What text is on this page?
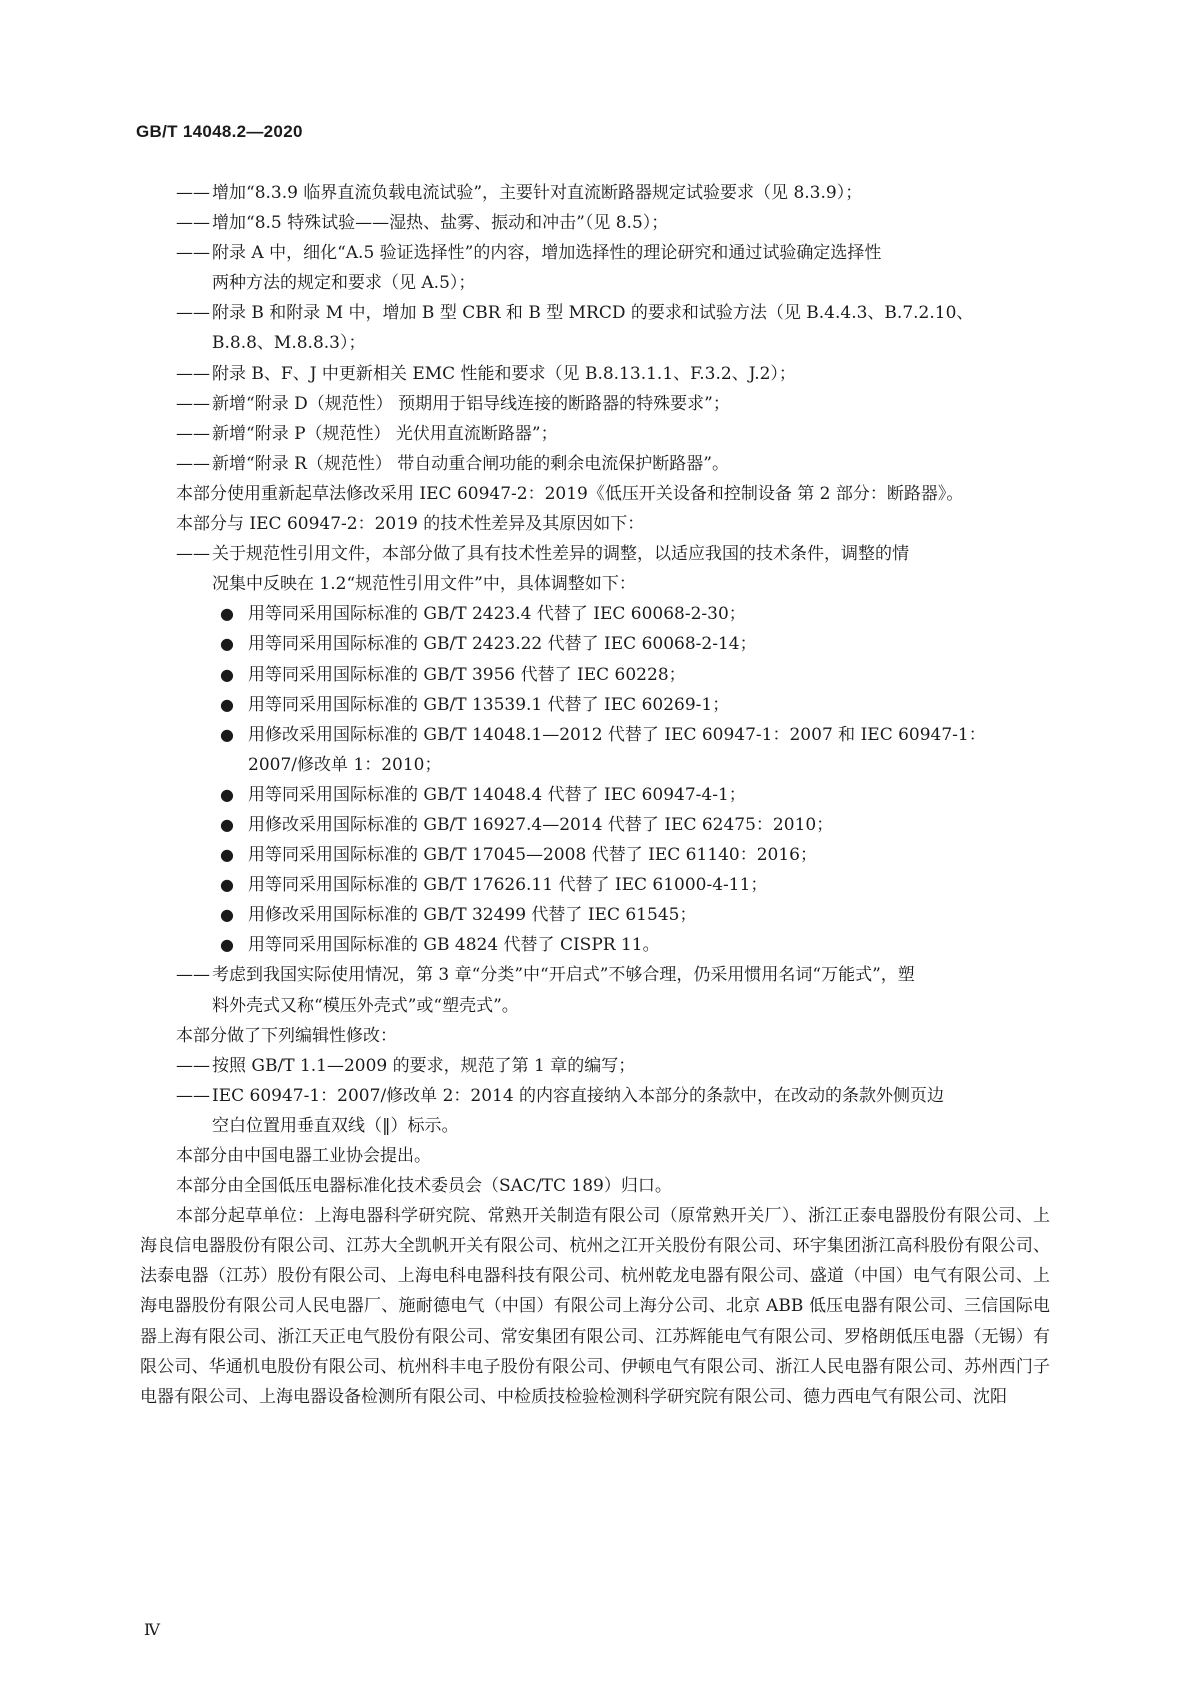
GB/T 14048.2—2020
—— 增加“8.3.9 临界直流负载电流试验”，主要针对直流断路器规定试验要求（见 8.3.9）；
—— 增加“8.5 特殊试验——湿热、盐雾、振动和冲击”（见 8.5）；
—— 附录 A 中，细化“A.5 验证选择性”的内容，增加选择性的理论研究和通过试验确定选择性
两种方法的规定和要求（见 A.5）；
—— 附录 B 和附录 M 中，增加 B 型 CBR 和 B 型 MRCD 的要求和试验方法（见 B.4.4.3、B.7.2.10、
B.8.8、M.8.8.3）；
—— 附录 B、F、J 中更新相关 EMC 性能和要求（见 B.8.13.1.1、F.3.2、J.2）；
—— 新增“附录 D（规范性） 预期用于铝导线连接的断路器的特殊要求”；
—— 新增“附录 P（规范性） 光伏用直流断路器”；
—— 新增“附录 R（规范性） 带自动重合闸功能的剩余电流保护断路器”。
本部分使用重新起草法修改采用 IEC 60947-2：2019《低压开关设备和控制设备 第 2 部分：断路器》。
本部分与 IEC 60947-2：2019 的技术性差异及其原因如下：
—— 关于规范性引用文件，本部分做了具有技术性差异的调整，以适应我国的技术条件，调整的情
况集中反映在 1.2“规范性引用文件”中，具体调整如下：
● 用等同采用国际标准的 GB/T 2423.4 代替了 IEC 60068-2-30；
● 用等同采用国际标准的 GB/T 2423.22 代替了 IEC 60068-2-14；
● 用等同采用国际标准的 GB/T 3956 代替了 IEC 60228；
● 用等同采用国际标准的 GB/T 13539.1 代替了 IEC 60269-1；
● 用修改采用国际标准的 GB/T 14048.1—2012 代替了 IEC 60947-1：2007 和 IEC 60947-1：
2007/修改单 1：2010；
● 用等同采用国际标准的 GB/T 14048.4 代替了 IEC 60947-4-1；
● 用修改采用国际标准的 GB/T 16927.4—2014 代替了 IEC 62475：2010；
● 用等同采用国际标准的 GB/T 17045—2008 代替了 IEC 61140：2016；
● 用等同采用国际标准的 GB/T 17626.11 代替了 IEC 61000-4-11；
● 用修改采用国际标准的 GB/T 32499 代替了 IEC 61545；
● 用等同采用国际标准的 GB 4824 代替了 CISPR 11。
—— 考虑到我国实际使用情况，第 3 章“分类”中“开启式”不够合理，仍采用惯用名词“万能式”，塑
料外壳式又称“模压外壳式”或“塑壳式”。
本部分做了下列编辑性修改：
—— 按照 GB/T 1.1—2009 的要求，规范了第 1 章的编写；
—— IEC 60947-1：2007/修改单 2：2014 的内容直接纳入本部分的条款中，在改动的条款外侧页边
空白位置用垂直双线（‖）标示。
本部分由中国电器工业协会提出。
本部分由全国低压电器标准化技术委员会（SAC/TC 189）归口。
本部分起草单位：上海电器科学研究院、常熟开关制造有限公司（原常熟开关厂）、浙江正泰电器股份有限公司、上海良信电器股份有限公司、江苏大全凯帆开关有限公司、杭州之江开关股份有限公司、环宇集团浙江高科股份有限公司、法泰电器（江苏）股份有限公司、上海电科电器科技有限公司、杭州乾龙电器有限公司、盛道（中国）电气有限公司、上海电器股份有限公司人民电器厂、施耐德电气（中国）有限公司上海分公司、北京 ABB 低压电器有限公司、三信国际电器上海有限公司、浙江天正电气股份有限公司、常安集团有限公司、江苏辉能电气有限公司、罗格朗低压电器（无锡）有限公司、华通机电股份有限公司、杭州科丰电子股份有限公司、伊顿电气有限公司、浙江人民电器有限公司、苏州西门子电器有限公司、上海电器设备检测所有限公司、中检质技检验检测科学研究院有限公司、德力西电气有限公司、沈阳
Ⅳ
